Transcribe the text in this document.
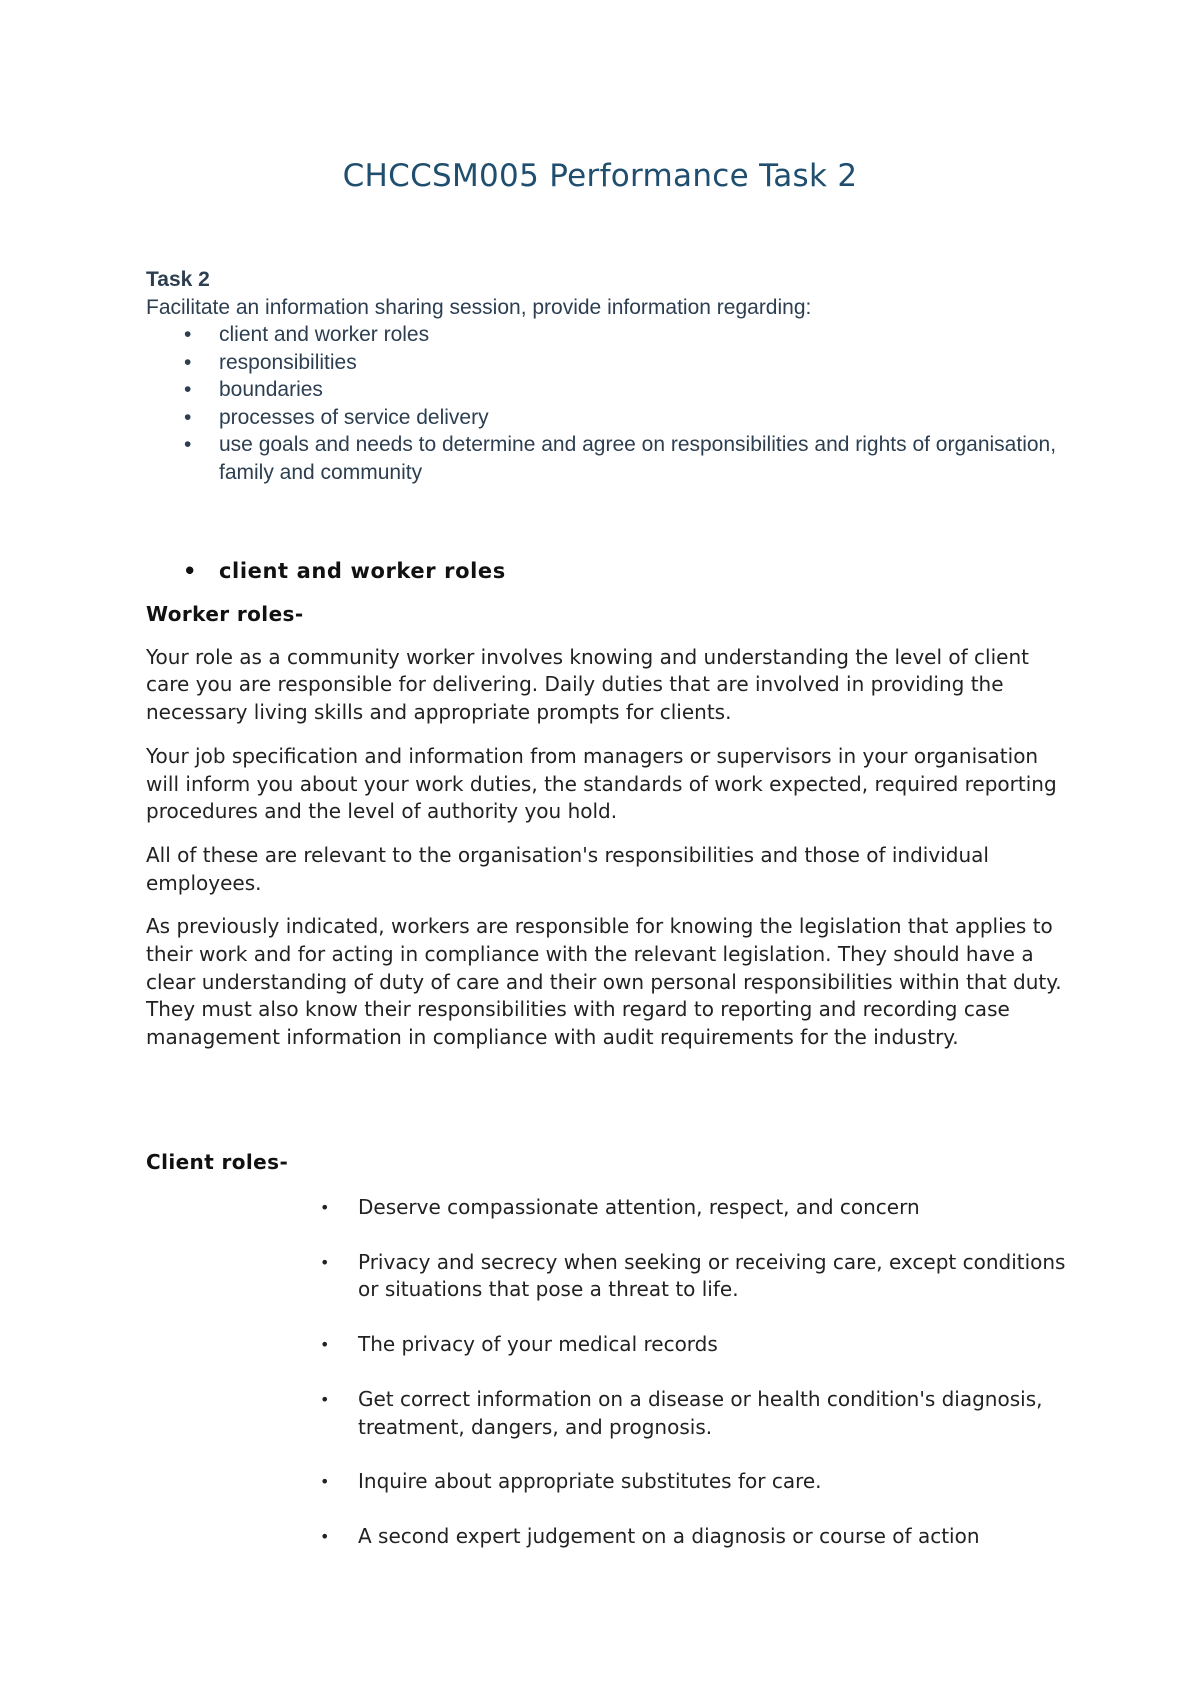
CHCCSM005 Performance Task 2
Task 2
Facilitate an information sharing session, provide information regarding:
• client and worker roles
• responsibilities
• boundaries
• processes of service delivery
• use goals and needs to determine and agree on responsibilities and rights of organisation, family and community
• client and worker roles
Worker roles-

Your role as a community worker involves knowing and understanding the level of client care you are responsible for delivering. Daily duties that are involved in providing the necessary living skills and appropriate prompts for clients.

Your job specification and information from managers or supervisors in your organisation will inform you about your work duties, the standards of work expected, required reporting procedures and the level of authority you hold.

All of these are relevant to the organisation's responsibilities and those of individual employees.

As previously indicated, workers are responsible for knowing the legislation that applies to their work and for acting in compliance with the relevant legislation. They should have a clear understanding of duty of care and their own personal responsibilities within that duty. They must also know their responsibilities with regard to reporting and recording case management information in compliance with audit requirements for the industry.

Client roles-
• Deserve compassionate attention, respect, and concern
• Privacy and secrecy when seeking or receiving care, except conditions or situations that pose a threat to life.
• The privacy of your medical records
• Get correct information on a disease or health condition's diagnosis, treatment, dangers, and prognosis.
• Inquire about appropriate substitutes for care.
• A second expert judgement on a diagnosis or course of action
